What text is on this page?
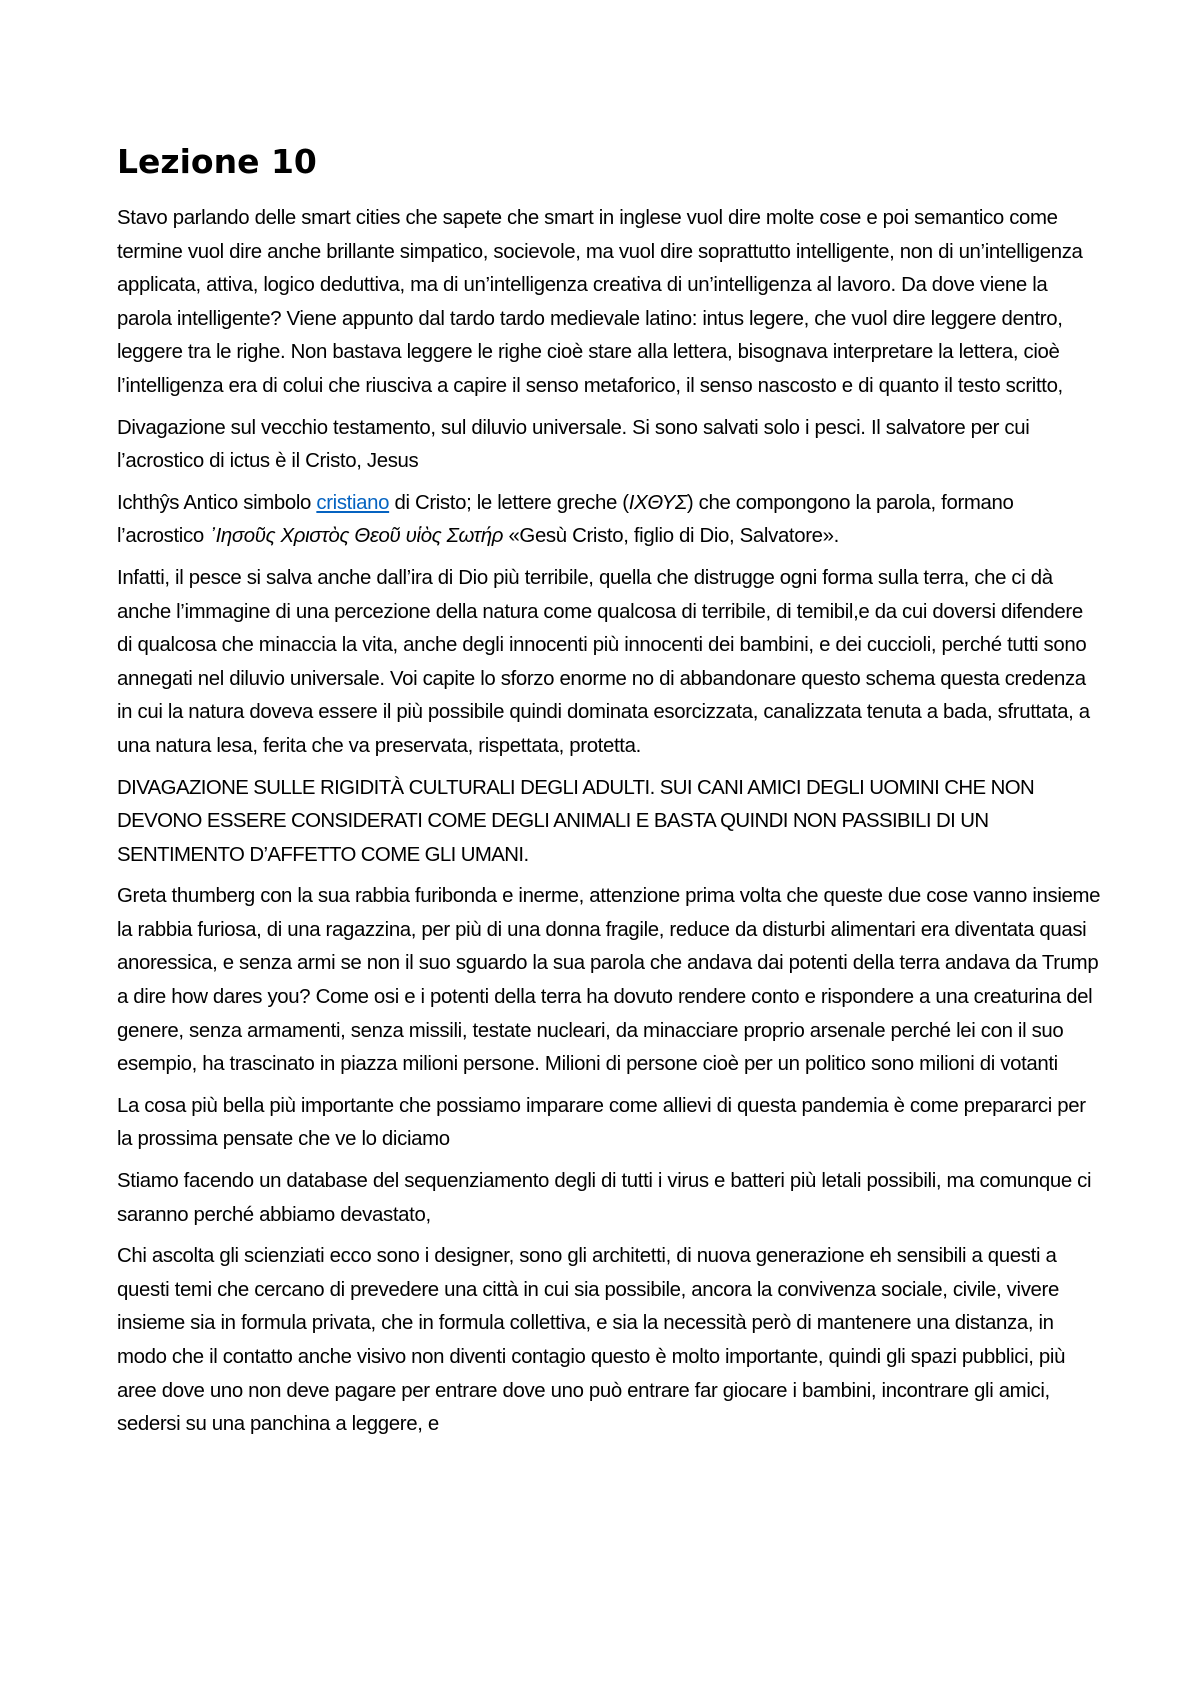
Lezione 10

Stavo parlando delle smart cities che sapete che smart in inglese vuol dire molte cose e poi semantico come termine vuol dire anche brillante simpatico, socievole, ma vuol dire soprattutto intelligente, non di un’intelligenza applicata, attiva, logico deduttiva, ma di un’intelligenza creativa di un’intelligenza al lavoro. Da dove viene la parola intelligente? Viene appunto dal tardo tardo medievale latino: intus legere, che vuol dire leggere dentro, leggere tra le righe. Non bastava leggere le righe cioè stare alla lettera, bisognava interpretare la lettera, cioè l’intelligenza era di colui che riusciva a capire il senso metaforico, il senso nascosto e di quanto il testo scritto,

Divagazione sul vecchio testamento, sul diluvio universale. Si sono salvati solo i pesci. Il salvatore per cui l’acrostico di ictus è il Cristo, Jesus

Ichthŷs Antico simbolo cristiano di Cristo; le lettere greche (ΙΧΘΥΣ) che compongono la parola, formano l’acrostico ᾿Ιησοῦς Χριστὸς Θεοῦ υἱὸς Σωτήρ «Gesù Cristo, figlio di Dio, Salvatore».

Infatti, il pesce si salva anche dall’ira di Dio più terribile, quella che distrugge ogni forma sulla terra, che ci dà anche l’immagine di una percezione della natura come qualcosa di terribile, di temibil,e da cui doversi difendere di qualcosa che minaccia la vita, anche degli innocenti più innocenti dei bambini, e dei cuccioli, perché tutti sono annegati nel diluvio universale. Voi capite lo sforzo enorme no di abbandonare questo schema questa credenza in cui la natura doveva essere il più possibile quindi dominata esorcizzata, canalizzata tenuta a bada, sfruttata, a una natura lesa, ferita che va preservata, rispettata, protetta.

DIVAGAZIONE SULLE RIGIDITÀ CULTURALI DEGLI ADULTI. SUI CANI AMICI DEGLI UOMINI CHE NON DEVONO ESSERE CONSIDERATI COME DEGLI ANIMALI E BASTA QUINDI NON PASSIBILI DI UN SENTIMENTO D’AFFETTO COME GLI UMANI.

Greta thumberg con la sua rabbia furibonda e inerme, attenzione prima volta che queste due cose vanno insieme la rabbia furiosa, di una ragazzina, per più di una donna fragile, reduce da disturbi alimentari era diventata quasi anoressica, e senza armi se non il suo sguardo la sua parola che andava dai potenti della terra andava da Trump a dire how dares you? Come osi e i potenti della terra ha dovuto rendere conto e rispondere a una creaturina del genere, senza armamenti, senza missili, testate nucleari, da minacciare proprio arsenale perché lei con il suo esempio, ha trascinato in piazza milioni persone. Milioni di persone cioè per un politico sono milioni di votanti

La cosa più bella più importante che possiamo imparare come allievi di questa pandemia è come prepararci per la prossima pensate che ve lo diciamo

Stiamo facendo un database del sequenziamento degli di tutti i virus e batteri più letali possibili, ma comunque ci saranno perché abbiamo devastato,

Chi ascolta gli scienziati ecco sono i designer, sono gli architetti, di nuova generazione eh sensibili a questi a questi temi che cercano di prevedere una città in cui sia possibile, ancora la convivenza sociale, civile, vivere insieme sia in formula privata, che in formula collettiva, e sia la necessità però di mantenere una distanza, in modo che il contatto anche visivo non diventi contagio questo è molto importante, quindi gli spazi pubblici, più aree dove uno non deve pagare per entrare dove uno può entrare far giocare i bambini, incontrare gli amici, sedersi su una panchina a leggere, e
